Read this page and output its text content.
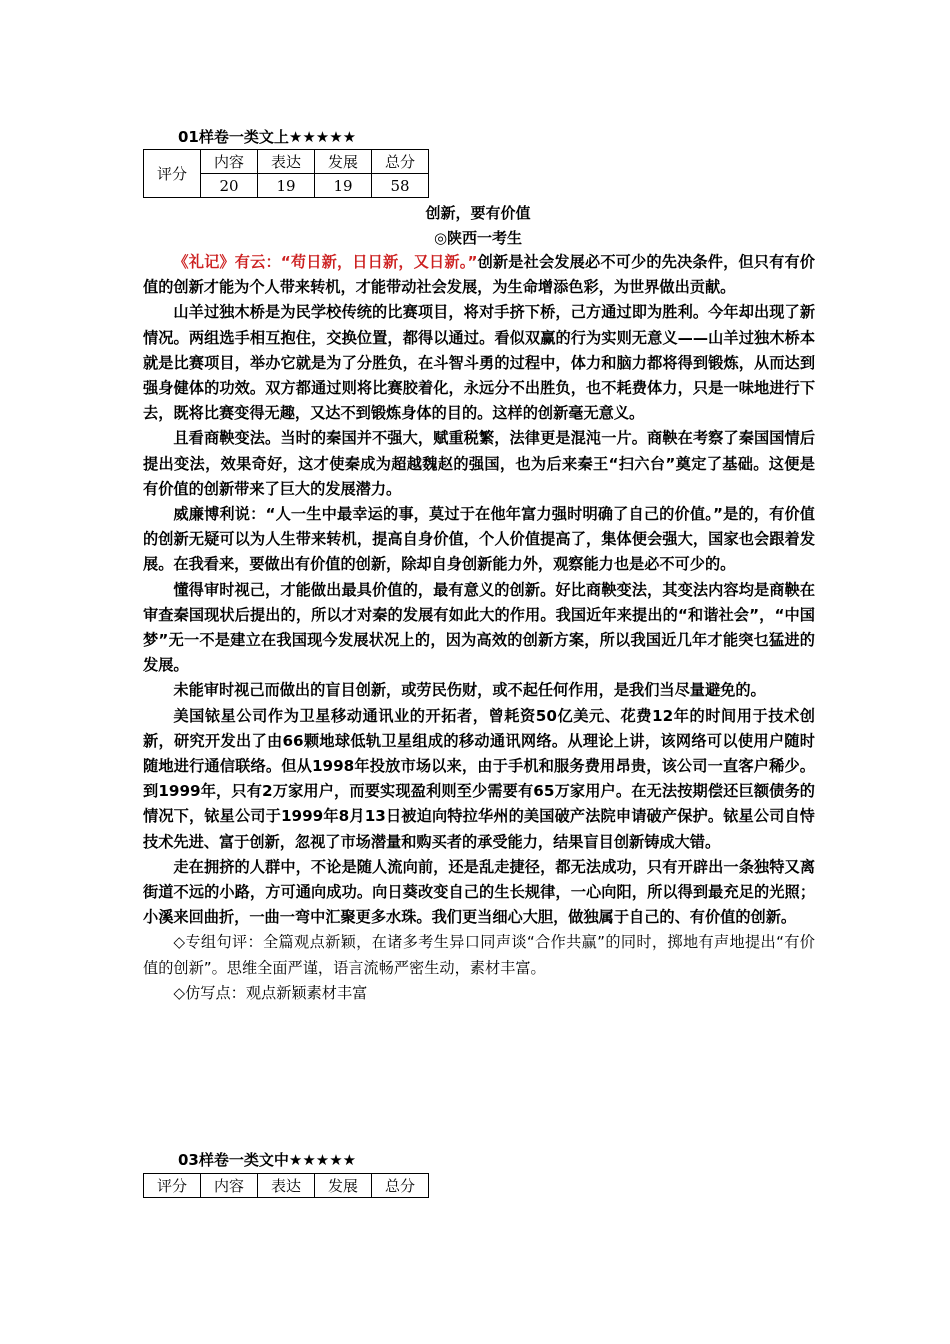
01样卷一类文上★★★★★
评分	内容	表达	发展	总分
	20	19	19	58
创新，要有价值
◎陕西一考生

《礼记》有云：“苟日新，日日新，又日新。”创新是社会发展必不可少的先决条件，但只有有价值的创新才能为个人带来转机，才能带动社会发展，为生命增添色彩，为世界做出贡献。

山羊过独木桥是为民学校传统的比赛项目，将对手挤下桥，己方通过即为胜利。今年却出现了新情况。两组选手相互抱住，交换位置，都得以通过。看似双赢的行为实则无意义——山羊过独木桥本就是比赛项目，举办它就是为了分胜负，在斗智斗勇的过程中，体力和脑力都将得到锻炼，从而达到强身健体的功效。双方都通过则将比赛胶着化，永远分不出胜负，也不耗费体力，只是一味地进行下去，既将比赛变得无趣，又达不到锻炼身体的目的。这样的创新毫无意义。

且看商鞅变法。当时的秦国并不强大，赋重税繁，法律更是混沌一片。商鞅在考察了秦国国情后提出变法，效果奇好，这才使秦成为超越魏赵的强国，也为后来秦王“扫六台”奠定了基础。这便是有价值的创新带来了巨大的发展潜力。

威廉博利说：“人一生中最幸运的事，莫过于在他年富力强时明确了自己的价值。”是的，有价值的创新无疑可以为人生带来转机，提高自身价值，个人价值提高了，集体便会强大，国家也会跟着发展。在我看来，要做出有价值的创新，除却自身创新能力外，观察能力也是必不可少的。

懂得审时视己，才能做出最具价值的，最有意义的创新。好比商鞅变法，其变法内容均是商鞅在审查秦国现状后提出的，所以才对秦的发展有如此大的作用。我国近年来提出的“和谐社会”，“中国梦”无一不是建立在我国现今发展状况上的，因为高效的创新方案，所以我国近几年才能突乜猛进的发展。

未能审时视己而做出的盲目创新，或劳民伤财，或不起任何作用，是我们当尽量避免的。

美国铱星公司作为卫星移动通讯业的开拓者，曾耗资50亿美元、花费12年的时间用于技术创新，研究开发出了由66颗地球低轨卫星组成的移动通讯网络。从理论上讲，该网络可以使用户随时随地进行通信联络。但从1998年投放市场以来，由于手机和服务费用昂贵，该公司一直客户稀少。到1999年，只有2万家用户，而要实现盈利则至少需要有65万家用户。在无法按期偿还巨额债务的情况下，铱星公司于1999年8月13日被迫向特拉华州的美国破产法院申请破产保护。铱星公司自恃技术先进、富于创新，忽视了市场潜量和购买者的承受能力，结果盲目创新铸成大错。

走在拥挤的人群中，不论是随人流向前，还是乱走捷径，都无法成功，只有开辟出一条独特又离街道不远的小路，方可通向成功。向日葵改变自己的生长规律，一心向阳，所以得到最充足的光照；小溪来回曲折，一曲一弯中汇聚更多水珠。我们更当细心大胆，做独属于自己的、有价值的创新。

◇专组句评：全篇观点新颖，在诸多考生异口同声谈“合作共赢”的同时，掷地有声地提出“有价值的创新”。思维全面严谨，语言流畅严密生动，素材丰富。

◇仿写点：观点新颖素材丰富

03样卷一类文中★★★★★
评分	内容	表达	发展	总分
